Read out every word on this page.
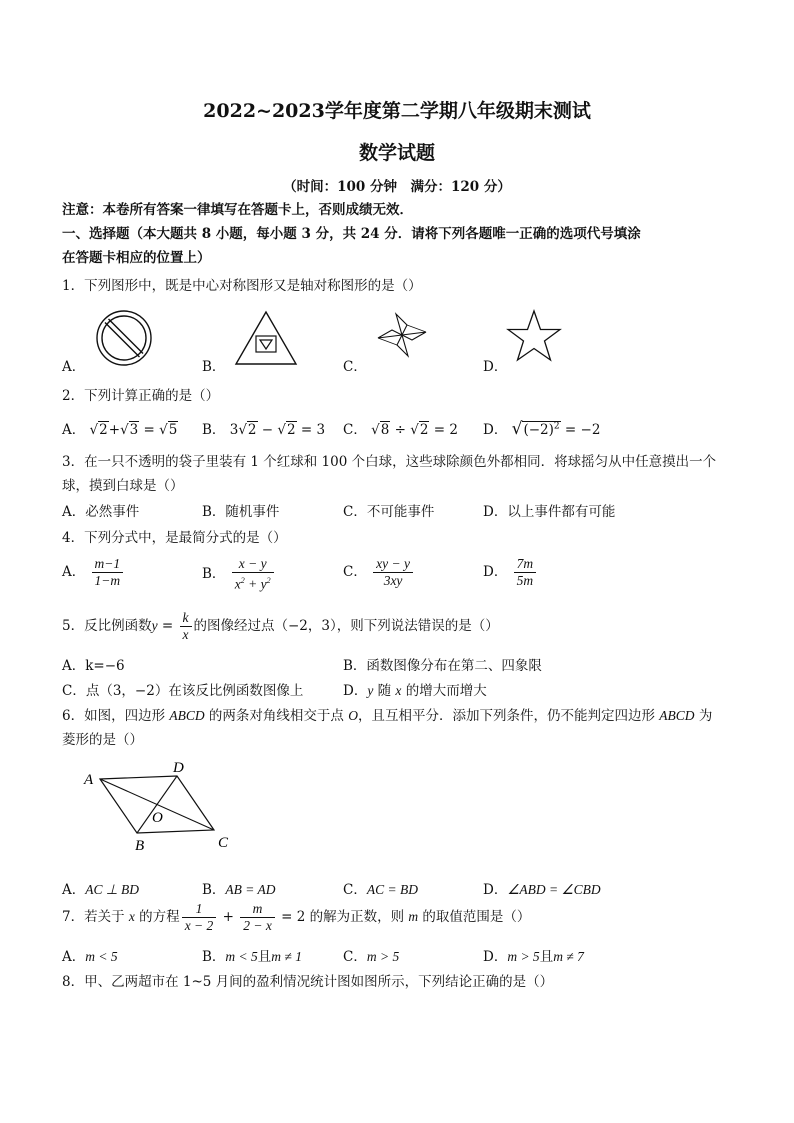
2022~2023学年度第二学期八年级期末测试
数学试题
（时间：100 分钟　满分：120 分）
注意：本卷所有答案一律填写在答题卡上，否则成绩无效．
一、选择题（本大题共 8 小题，每小题 3 分，共 24 分．请将下列各题唯一正确的选项代号填涂
在答题卡相应的位置上）
1．下列图形中，既是中心对称图形又是轴对称图形的是（）
A．	B．	C．	D．
2．下列计算正确的是（）
A． √2+√3 = √5 B． 3√2 − √2 = 3 C． √8 ÷ √2 = 2 D． $√(-2)^2 = -2$
3．在一只不透明的袋子里装有 1 个红球和 100 个白球，这些球除颜色外都相同．将球摇匀从中任意摸出一个
球，摸到白球是（）
A．必然事件	B．随机事件	C．不可能事件	D．以上事件都有可能
4．下列分式中，是最简分式的是（）
A． $\frac{m-1}{1-m}$	B． $\frac{x - y}{x^2 + y^2}$	C． $\frac{xy - y}{3xy}$	D． $\frac{7m}{5m}$
5．反比例函数$y = \frac{k}{x}$ 的图像经过点（−2，3），则下列说法错误的是（）
A．k=−6	B．函数图像分布在第二、四象限
C．点（3，−2）在该反比例函数图像上	D．y 随 x 的增大而增大
6．如图，四边形 ABCD 的两条对角线相交于点 O，且互相平分．添加下列条件，仍不能判定四边形 ABCD 为
菱形的是（）
A
D
C
B
O
A．AC ⊥ BD	B．AB = AD	C．AC = BD	D．∠ABD = ∠CBD
7．若关于 x 的方程 $\frac{1}{x - 2} + \frac{m}{2 - x} = 2$ 的解为正数，则 m 的取值范围是（）
A．m < 5	B．m < 5且m ≠ 1	C．m > 5	D．m > 5且m ≠ 7
8．甲、乙两超市在 1~5 月间的盈利情况统计图如图所示，下列结论正确的是（）
